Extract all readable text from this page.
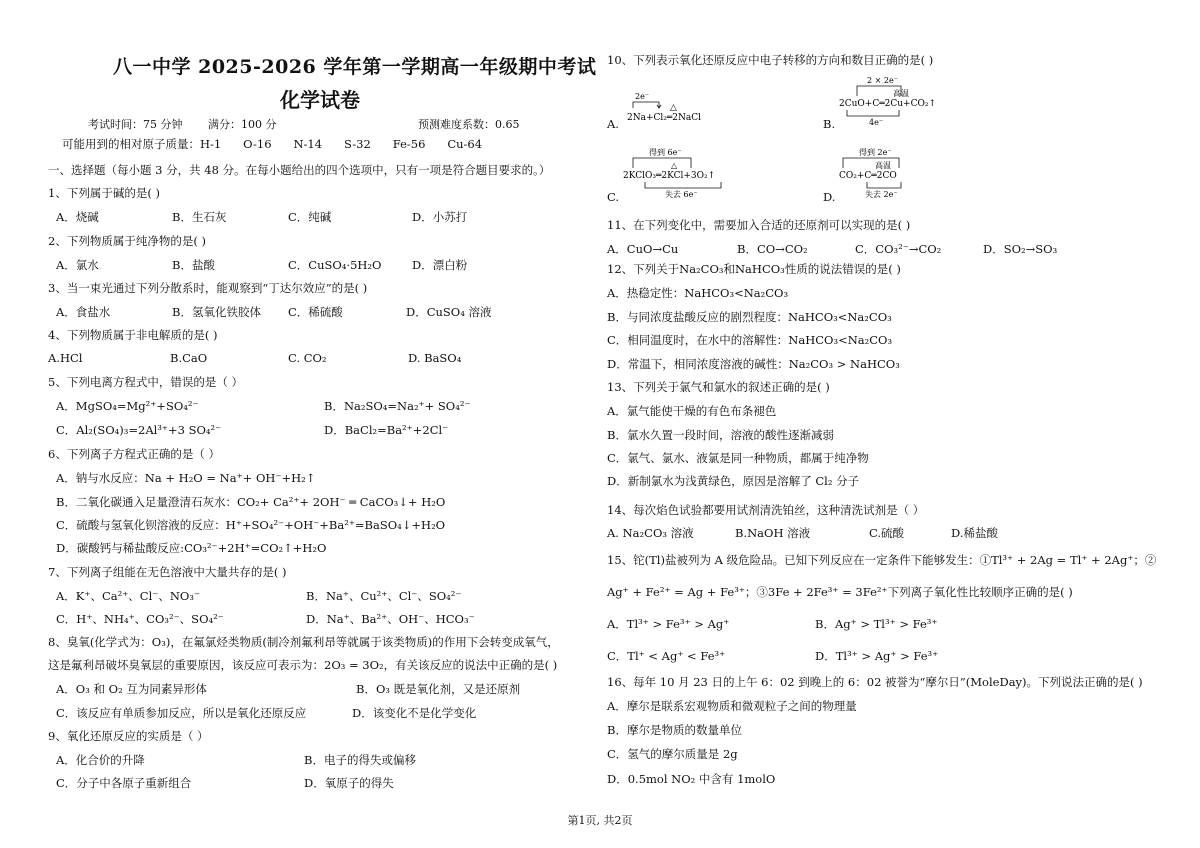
八一中学 2025-2026 学年第一学期高一年级期中考试
化学试卷
考试时间：75 分钟 满分：100 分	预测难度系数：0.65
可能用到的相对原子质量：H-1      O-16      N-14      S-32      Fe-56      Cu-64
一、选择题（每小题 3 分，共 48 分。在每小题给出的四个选项中，只有一项是符合题目要求的。）
1、下列属于碱的是( )
A．烧碱	B．生石灰	C．纯碱	D．小苏打
2、下列物质属于纯净物的是( )
A．氯水	B．盐酸	C．CuSO₄·5H₂O	D．漂白粉
3、当一束光通过下列分散系时，能观察到“丁达尔效应”的是( )
A．食盐水	B．氢氧化铁胶体 C．稀硫酸	D．CuSO₄ 溶液
4、下列物质属于非电解质的是( )
A.HCl	B.CaO	C. CO₂	D. BaSO₄
5、下列电离方程式中，错误的是（ ）
A．MgSO₄=Mg²⁺+SO₄²⁻	B．Na₂SO₄=Na₂⁺+ SO₄²⁻
C．Al₂(SO₄)₃=2Al³⁺+3 SO₄²⁻	D．BaCl₂=Ba²⁺+2Cl⁻
6、下列离子方程式正确的是（ ）
A．钠与水反应：Na + H₂O = Na⁺+ OH⁻+H₂↑
B．二氧化碳通入足量澄清石灰水：CO₂+ Ca²⁺+ 2OH⁻ ═ CaCO₃↓+ H₂O
C．硫酸与氢氧化钡溶液的反应：H⁺+SO₄²⁻+OH⁻+Ba²⁺=BaSO₄↓+H₂O
D．碳酸钙与稀盐酸反应:CO₃²⁻+2H⁺=CO₂↑+H₂O
7、下列离子组能在无色溶液中大量共存的是( )
A．K⁺、Ca²⁺、Cl⁻、NO₃⁻	B．Na⁺、Cu²⁺、Cl⁻、SO₄²⁻
C．H⁺、NH₄⁺、CO₃²⁻、SO₄²⁻	D．Na⁺、Ba²⁺、OH⁻、HCO₃⁻
8、臭氧(化学式为：O₃)，在氟氯烃类物质(制冷剂氟利昂等就属于该类物质)的作用下会转变成氧气，
这是氟利昂破坏臭氧层的重要原因，该反应可表示为：2O₃ = 3O₂，有关该反应的说法中正确的是( )
A．O₃ 和 O₂ 互为同素异形体	B．O₃ 既是氧化剂，又是还原剂
C．该反应有单质参加反应，所以是氧化还原反应	D．该变化不是化学变化
9、氧化还原反应的实质是（ ）
A．化合价的升降	B．电子的得失或偏移
C．分子中各原子重新组合	D．氧原子的得失
10、下列表示氧化还原反应中电子转移的方向和数目正确的是( )
A.
2e⁻
△
2Na+Cl₂═2NaCl	B.
2 × 2e⁻
高温
2CuO+C═2Cu+CO₂↑
4e⁻
C.
得到 6e⁻
△
2KClO₃═2KCl+3O₂↑
失去 6e⁻	D.
得到 2e⁻
高温
CO₂+C═2CO
失去 2e⁻
11、在下列变化中，需要加入合适的还原剂可以实现的是( )
A．CuO→Cu	B．CO→CO₂	C．CO₃²⁻→CO₂	D．SO₂→SO₃
12、下列关于Na₂CO₃和NaHCO₃性质的说法错误的是( )
A．热稳定性：NaHCO₃<Na₂CO₃
B．与同浓度盐酸反应的剧烈程度：NaHCO₃<Na₂CO₃
C．相同温度时，在水中的溶解性：NaHCO₃<Na₂CO₃
D．常温下，相同浓度溶液的碱性：Na₂CO₃ > NaHCO₃
13、下列关于氯气和氯水的叙述正确的是( )
A．氯气能使干燥的有色布条褪色
B．氯水久置一段时间，溶液的酸性逐渐减弱
C．氯气、氯水、液氯是同一种物质，都属于纯净物
D．新制氯水为浅黄绿色，原因是溶解了 Cl₂ 分子
14、每次焰色试验都要用试剂清洗铂丝，这种清洗试剂是（ ）
A. Na₂CO₃ 溶液	B.NaOH 溶液	C.硫酸	D.稀盐酸
15、铊(Tl)盐被列为 A 级危险品。已知下列反应在一定条件下能够发生：①Tl³⁺ + 2Ag = Tl⁺ + 2Ag⁺；②
Ag⁺ + Fe²⁺ = Ag + Fe³⁺；③3Fe + 2Fe³⁺ = 3Fe²⁺下列离子氧化性比较顺序正确的是( )
A．Tl³⁺ > Fe³⁺ > Ag⁺	B．Ag⁺ > Tl³⁺ > Fe³⁺
C．Tl⁺ < Ag⁺ < Fe³⁺	D．Tl³⁺ > Ag⁺ > Fe³⁺
16、每年 10 月 23 日的上午 6：02 到晚上的 6：02 被誉为“摩尔日”(MoleDay)。下列说法正确的是( )
A．摩尔是联系宏观物质和微观粒子之间的物理量
B．摩尔是物质的数量单位
C．氢气的摩尔质量是 2g
D．0.5mol NO₂ 中含有 1molO
第1页, 共2页
